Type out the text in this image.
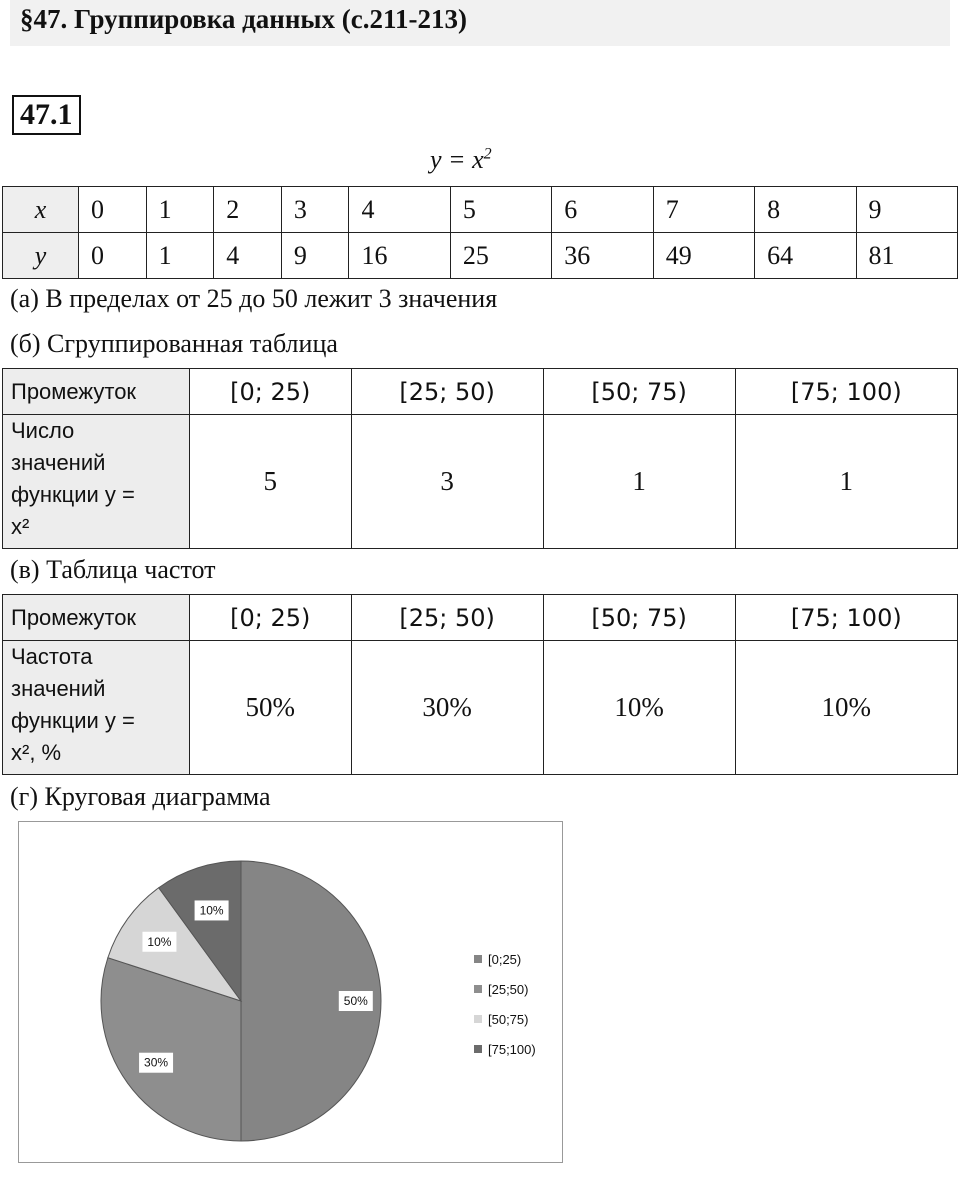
§47. Группировка данных (с.211-213)
47.1
$y = x^2$
x	0	1	2	3	4	5	6	7	8	9
y	0	1	4	9	16	25	36	49	64	81
(а) В пределах от 25 до 50 лежит 3 значения
(б) Сгруппированная таблица
Промежуток	[0; 25)	[25; 50)	[50; 75)	[75; 100)

Число
значений
функции y =
x²	5	3	1	1
(в) Таблица частот
Промежуток	[0; 25)	[25; 50)	[50; 75)	[75; 100)

Частота
значений
функции y =
x², %	50%	30%	10%	10%
(г) Круговая диаграмма
50%
30%
10%
10%
[0;25)
[25;50)
[50;75)
[75;100)
